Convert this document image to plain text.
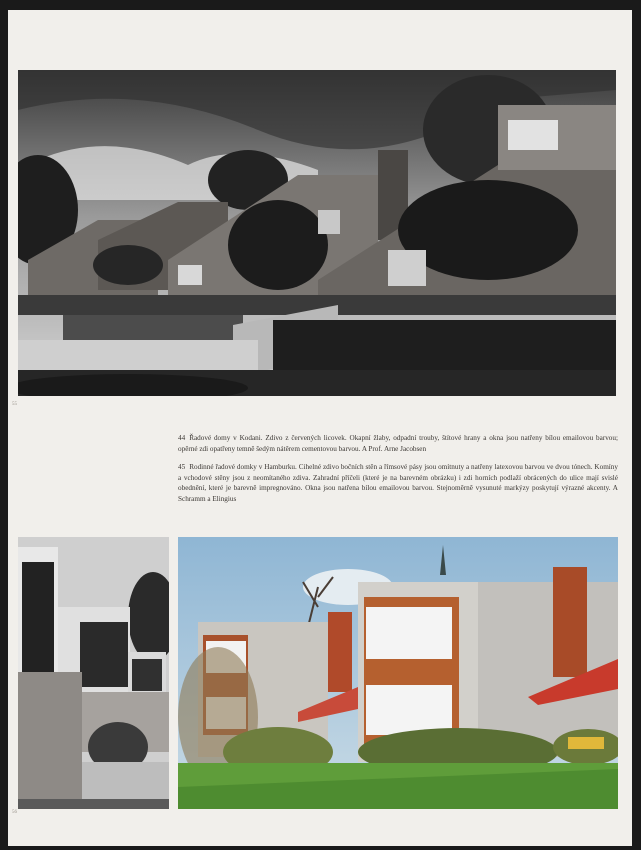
55

44 Řadové domy v Kodani. Zdivo z červených licovek. Okapní žlaby, odpadní trouby, štítové hrany a okna jsou natřeny bílou emailovou barvou; opěrné zdi opatřeny temně šedým nátěrem cementovou barvou. A Prof. Arne Jacobsen

45 Rodinné řadové domky v Hamburku. Cihelné zdivo bočních stěn a římsové pásy jsou omítnuty a natřeny latexovou barvou ve dvou tónech. Komíny a vchodové stěny jsou z neomítaného zdiva. Zahradní příčeli (které je na barevném obrázku) i zdi horních podlaží obrácených do ulice mají svislé obednění, které je barevně impregnováno. Okna jsou natřena bílou emailovou barvou. Stejnoměrně vysunuté markýzy poskytují výrazné akcenty. A Schramm a Elingius

56
